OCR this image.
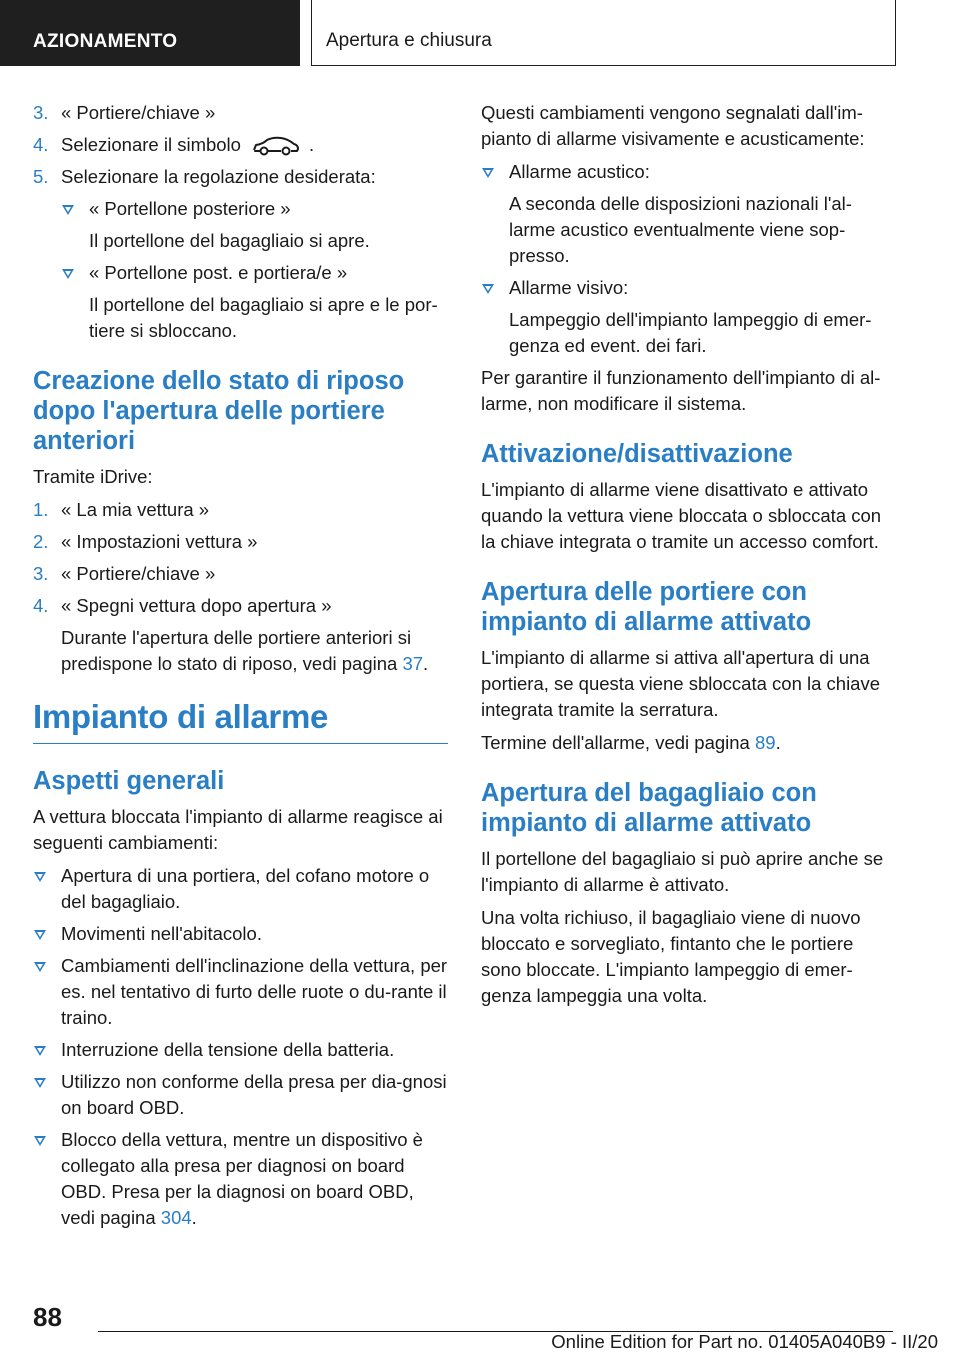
AZIONAMENTO	Apertura e chiusura
3. « Portiere/chiave »
4. Selezionare il simbolo	.
5. Selezionare la regolazione desiderata:
« Portellone posteriore »
Il portellone del bagagliaio si apre.
« Portellone post. e portiera/e »
Il portellone del bagagliaio si apre e le por-tiere si sbloccano.
Creazione dello stato di riposo dopo l'apertura delle portiere anteriori
Tramite iDrive:
1. « La mia vettura »
2. « Impostazioni vettura »
3. « Portiere/chiave »
4. « Spegni vettura dopo apertura »
Durante l'apertura delle portiere anteriori si predispone lo stato di riposo, vedi pagina 37.
Impianto di allarme
Aspetti generali
A vettura bloccata l'impianto di allarme reagisce ai seguenti cambiamenti:
Apertura di una portiera, del cofano motore o del bagagliaio.
Movimenti nell'abitacolo.
Cambiamenti dell'inclinazione della vettura, per es. nel tentativo di furto delle ruote o du-rante il traino.
Interruzione della tensione della batteria.
Utilizzo non conforme della presa per dia-gnosi on board OBD.
Blocco della vettura, mentre un dispositivo è collegato alla presa per diagnosi on board OBD. Presa per la diagnosi on board OBD, vedi pagina 304.
Questi cambiamenti vengono segnalati dall'im-pianto di allarme visivamente e acusticamente:
Allarme acustico:
A seconda delle disposizioni nazionali l'al-larme acustico eventualmente viene sop-presso.
Allarme visivo:
Lampeggio dell'impianto lampeggio di emer-genza ed event. dei fari.
Per garantire il funzionamento dell'impianto di al-larme, non modificare il sistema.
Attivazione/disattivazione
L'impianto di allarme viene disattivato e attivato quando la vettura viene bloccata o sbloccata con la chiave integrata o tramite un accesso comfort.
Apertura delle portiere con impianto di allarme attivato
L'impianto di allarme si attiva all'apertura di una portiera, se questa viene sbloccata con la chiave integrata tramite la serratura.
Termine dell'allarme, vedi pagina 89.
Apertura del bagagliaio con impianto di allarme attivato
Il portellone del bagagliaio si può aprire anche se l'impianto di allarme è attivato.
Una volta richiuso, il bagagliaio viene di nuovo bloccato e sorvegliato, fintanto che le portiere sono bloccate. L'impianto lampeggio di emer-genza lampeggia una volta.
88
Online Edition for Part no. 01405A040B9 - II/20
